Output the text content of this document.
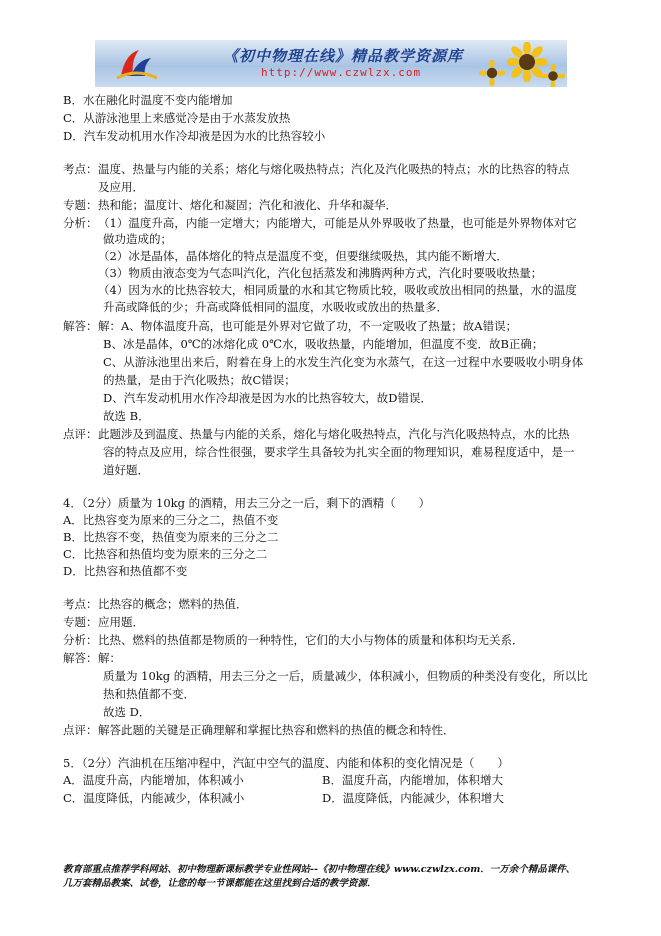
《初中物理在线》精品教学资源库
http://www.czwlzx.com
B．水在融化时温度不变内能增加
C．从游泳池里上来感觉冷是由于水蒸发放热
D．汽车发动机用水作冷却液是因为水的比热容较小
考点： 温度、热量与内能的关系；熔化与熔化吸热特点；汽化及汽化吸热的特点；水的比热容的特点
及应用．
专题： 热和能；温度计、熔化和凝固；汽化和液化、升华和凝华．
分析： （1）温度升高，内能一定增大；内能增大，可能是从外界吸收了热量，也可能是外界物体对它
做功造成的；
（2）冰是晶体，晶体熔化的特点是温度不变，但要继续吸热，其内能不断增大．
（3）物质由液态变为气态叫汽化，汽化包括蒸发和沸腾两种方式，汽化时要吸收热量；
（4）因为水的比热容较大，相同质量的水和其它物质比较，吸收或放出相同的热量，水的温度
升高或降低的少；升高或降低相同的温度，水吸收或放出的热量多．
解答： 解：A、物体温度升高，也可能是外界对它做了功，不一定吸收了热量；故A错误；
B、冰是晶体，0℃的冰熔化成 0℃水，吸收热量，内能增加，但温度不变．故B正确；
C、从游泳池里出来后，附着在身上的水发生汽化变为水蒸气，在这一过程中水要吸收小明身体
的热量，是由于汽化吸热；故C错误；
D、汽车发动机用水作冷却液是因为水的比热容较大，故D错误．
故选 B．
点评： 此题涉及到温度、热量与内能的关系，熔化与熔化吸热特点，汽化与汽化吸热特点，水的比热
容的特点及应用，综合性很强，要求学生具备较为扎实全面的物理知识，难易程度适中，是一
道好题．
4．（2分）质量为 10kg 的酒精，用去三分之一后，剩下的酒精（　　）
A．比热容变为原来的三分之二，热值不变
B．比热容不变，热值变为原来的三分之二
C．比热容和热值均变为原来的三分之二
D．比热容和热值都不变
考点： 比热容的概念；燃料的热值．
专题： 应用题．
分析： 比热、燃料的热值都是物质的一种特性，它们的大小与物体的质量和体积均无关系．
解答： 解：
质量为 10kg 的酒精，用去三分之一后，质量减少，体积减小，但物质的种类没有变化，所以比
热和热值都不变．
故选 D．
点评： 解答此题的关键是正确理解和掌握比热容和燃料的热值的概念和特性．
5．（2分）汽油机在压缩冲程中，汽缸中空气的温度、内能和体积的变化情况是（　　）
A．温度升高，内能增加，体积减小	B．温度升高，内能增加，体积增大
C．温度降低，内能减少，体积减小	D．温度降低，内能减少，体积增大
教育部重点推荐学科网站、初中物理新课标教学专业性网站--《初中物理在线》www.czwlzx.com．一万余个精品课件、
几万套精品教案、试卷，让您的每一节课都能在这里找到合适的教学资源．
